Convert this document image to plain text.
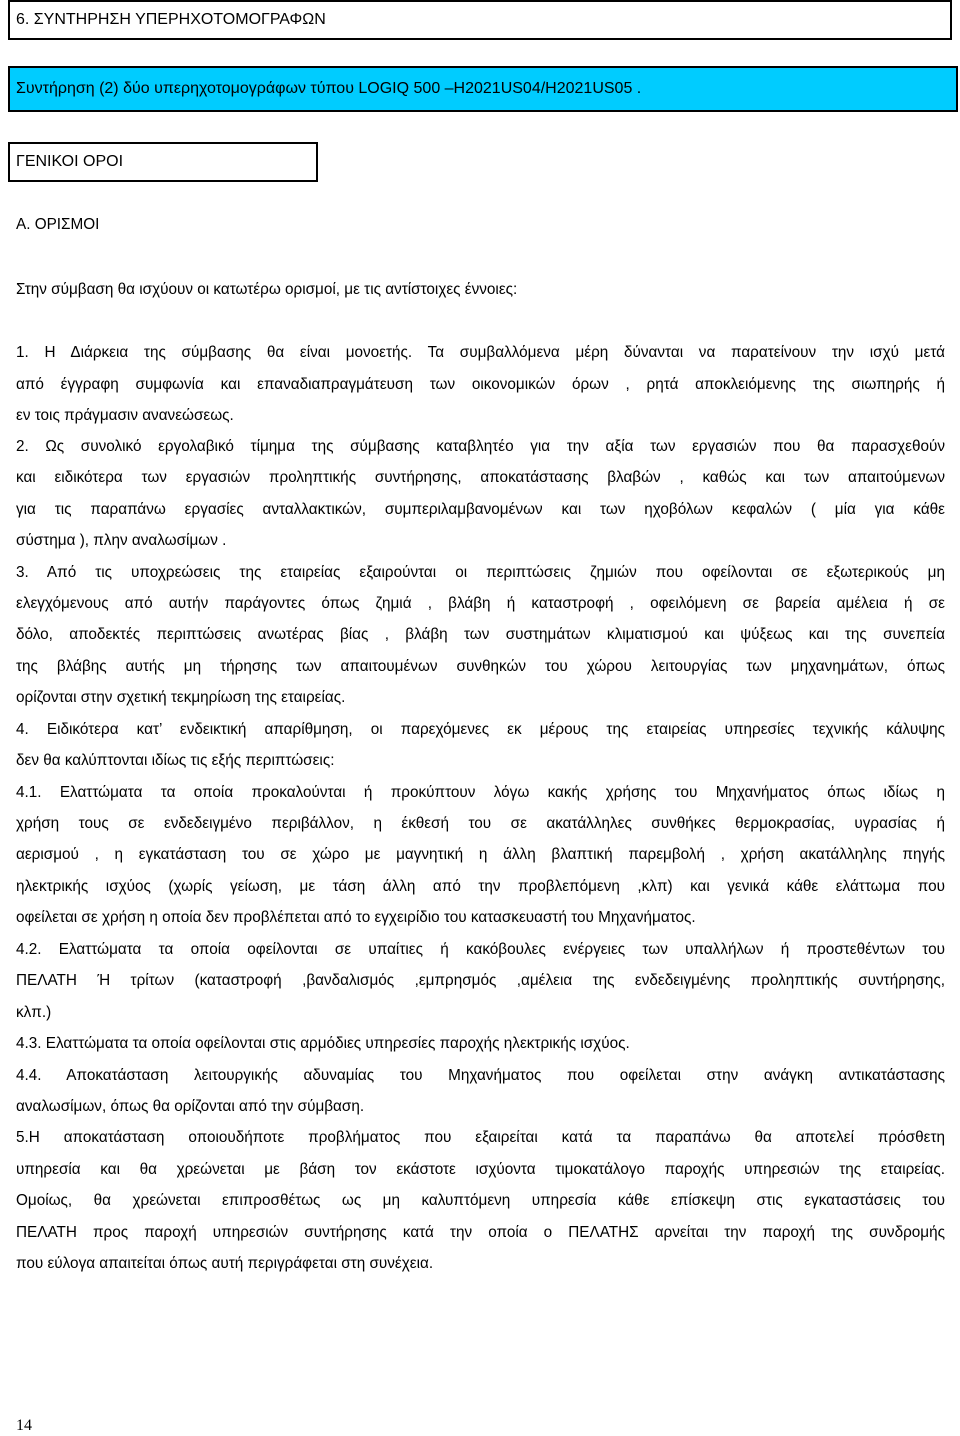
6. ΣΥΝΤΗΡΗΣΗ ΥΠΕΡΗΧΟΤΟΜΟΓΡΑΦΩΝ
Συντήρηση (2) δύο υπερηχοτομογράφων τύπου LOGIQ 500 –H2021US04/H2021US05 .
ΓΕΝΙΚΟΙ ΟΡΟΙ
Α. ΟΡΙΣΜΟΙ
Στην σύμβαση θα ισχύουν οι κατωτέρω ορισμοί, με τις αντίστοιχες έννοιες:
1. Η Διάρκεια της σύμβασης θα είναι μονοετής. Τα συμβαλλόμενα μέρη δύνανται να παρατείνουν την ισχύ μετά
από έγγραφη συμφωνία και επαναδιαπραγμάτευση των οικονομικών όρων , ρητά αποκλειόμενης της σιωπηρής ή
εν τοις πράγμασιν ανανεώσεως.
2. Ως συνολικό εργολαβικό τίμημα της σύμβασης καταβλητέο για την αξία των εργασιών που θα παρασχεθούν
και ειδικότερα των εργασιών προληπτικής συντήρησης, αποκατάστασης βλαβών , καθώς και των απαιτούμενων
για τις παραπάνω εργασίες ανταλλακτικών, συμπεριλαμβανομένων και των ηχοβόλων κεφαλών ( μία για κάθε
σύστημα ), πλην αναλωσίμων .
3. Από τις υποχρεώσεις της εταιρείας εξαιρούνται οι περιπτώσεις ζημιών που οφείλονται σε εξωτερικούς μη
ελεγχόμενους από αυτήν παράγοντες όπως ζημιά , βλάβη ή καταστροφή , οφειλόμενη σε βαρεία αμέλεια ή σε
δόλο, αποδεκτές περιπτώσεις ανωτέρας βίας , βλάβη των συστημάτων κλιματισμού και ψύξεως και της συνεπεία
της βλάβης αυτής μη τήρησης των απαιτουμένων συνθηκών του χώρου λειτουργίας των μηχανημάτων, όπως
ορίζονται στην σχετική τεκμηρίωση της εταιρείας.
4. Ειδικότερα κατ’ ενδεικτική απαρίθμηση, οι παρεχόμενες εκ μέρους της εταιρείας υπηρεσίες τεχνικής κάλυψης
δεν θα καλύπτονται ιδίως τις εξής περιπτώσεις:
4.1. Ελαττώματα τα οποία προκαλούνται ή προκύπτουν λόγω κακής χρήσης του Μηχανήματος όπως ιδίως η
χρήση τους σε ενδεδειγμένο περιβάλλον, η έκθεσή του σε ακατάλληλες συνθήκες θερμοκρασίας, υγρασίας ή
αερισμού , η εγκατάσταση του σε χώρο με μαγνητική η άλλη βλαπτική παρεμβολή , χρήση ακατάλληλης πηγής
ηλεκτρικής ισχύος (χωρίς γείωση, με τάση άλλη από την προβλεπόμενη ,κλπ) και γενικά κάθε ελάττωμα που
οφείλεται σε χρήση η οποία δεν προβλέπεται από το εγχειρίδιο του κατασκευαστή του Μηχανήματος.
4.2. Ελαττώματα τα οποία οφείλονται σε υπαίτιες ή κακόβουλες ενέργειες των υπαλλήλων ή προστεθέντων του
ΠΕΛΑΤΗ Ή τρίτων (καταστροφή ,βανδαλισμός ,εμπρησμός ,αμέλεια της ενδεδειγμένης προληπτικής συντήρησης,
κλπ.)
4.3. Ελαττώματα τα οποία οφείλονται στις αρμόδιες υπηρεσίες παροχής ηλεκτρικής ισχύος.
4.4. Αποκατάσταση λειτουργικής αδυναμίας του Μηχανήματος που οφείλεται στην ανάγκη αντικατάστασης
αναλωσίμων, όπως θα ορίζονται από την σύμβαση.
5.Η αποκατάσταση οποιουδήποτε προβλήματος που εξαιρείται κατά τα παραπάνω θα αποτελεί πρόσθετη
υπηρεσία και θα χρεώνεται με βάση τον εκάστοτε ισχύοντα τιμοκατάλογο παροχής υπηρεσιών της εταιρείας.
Ομοίως, θα χρεώνεται επιπροσθέτως ως μη καλυπτόμενη υπηρεσία κάθε επίσκεψη στις εγκαταστάσεις του
ΠΕΛΑΤΗ προς παροχή υπηρεσιών συντήρησης κατά την οποία ο ΠΕΛΑΤΗΣ αρνείται την παροχή της συνδρομής
που εύλογα απαιτείται όπως αυτή περιγράφεται στη συνέχεια.
14
